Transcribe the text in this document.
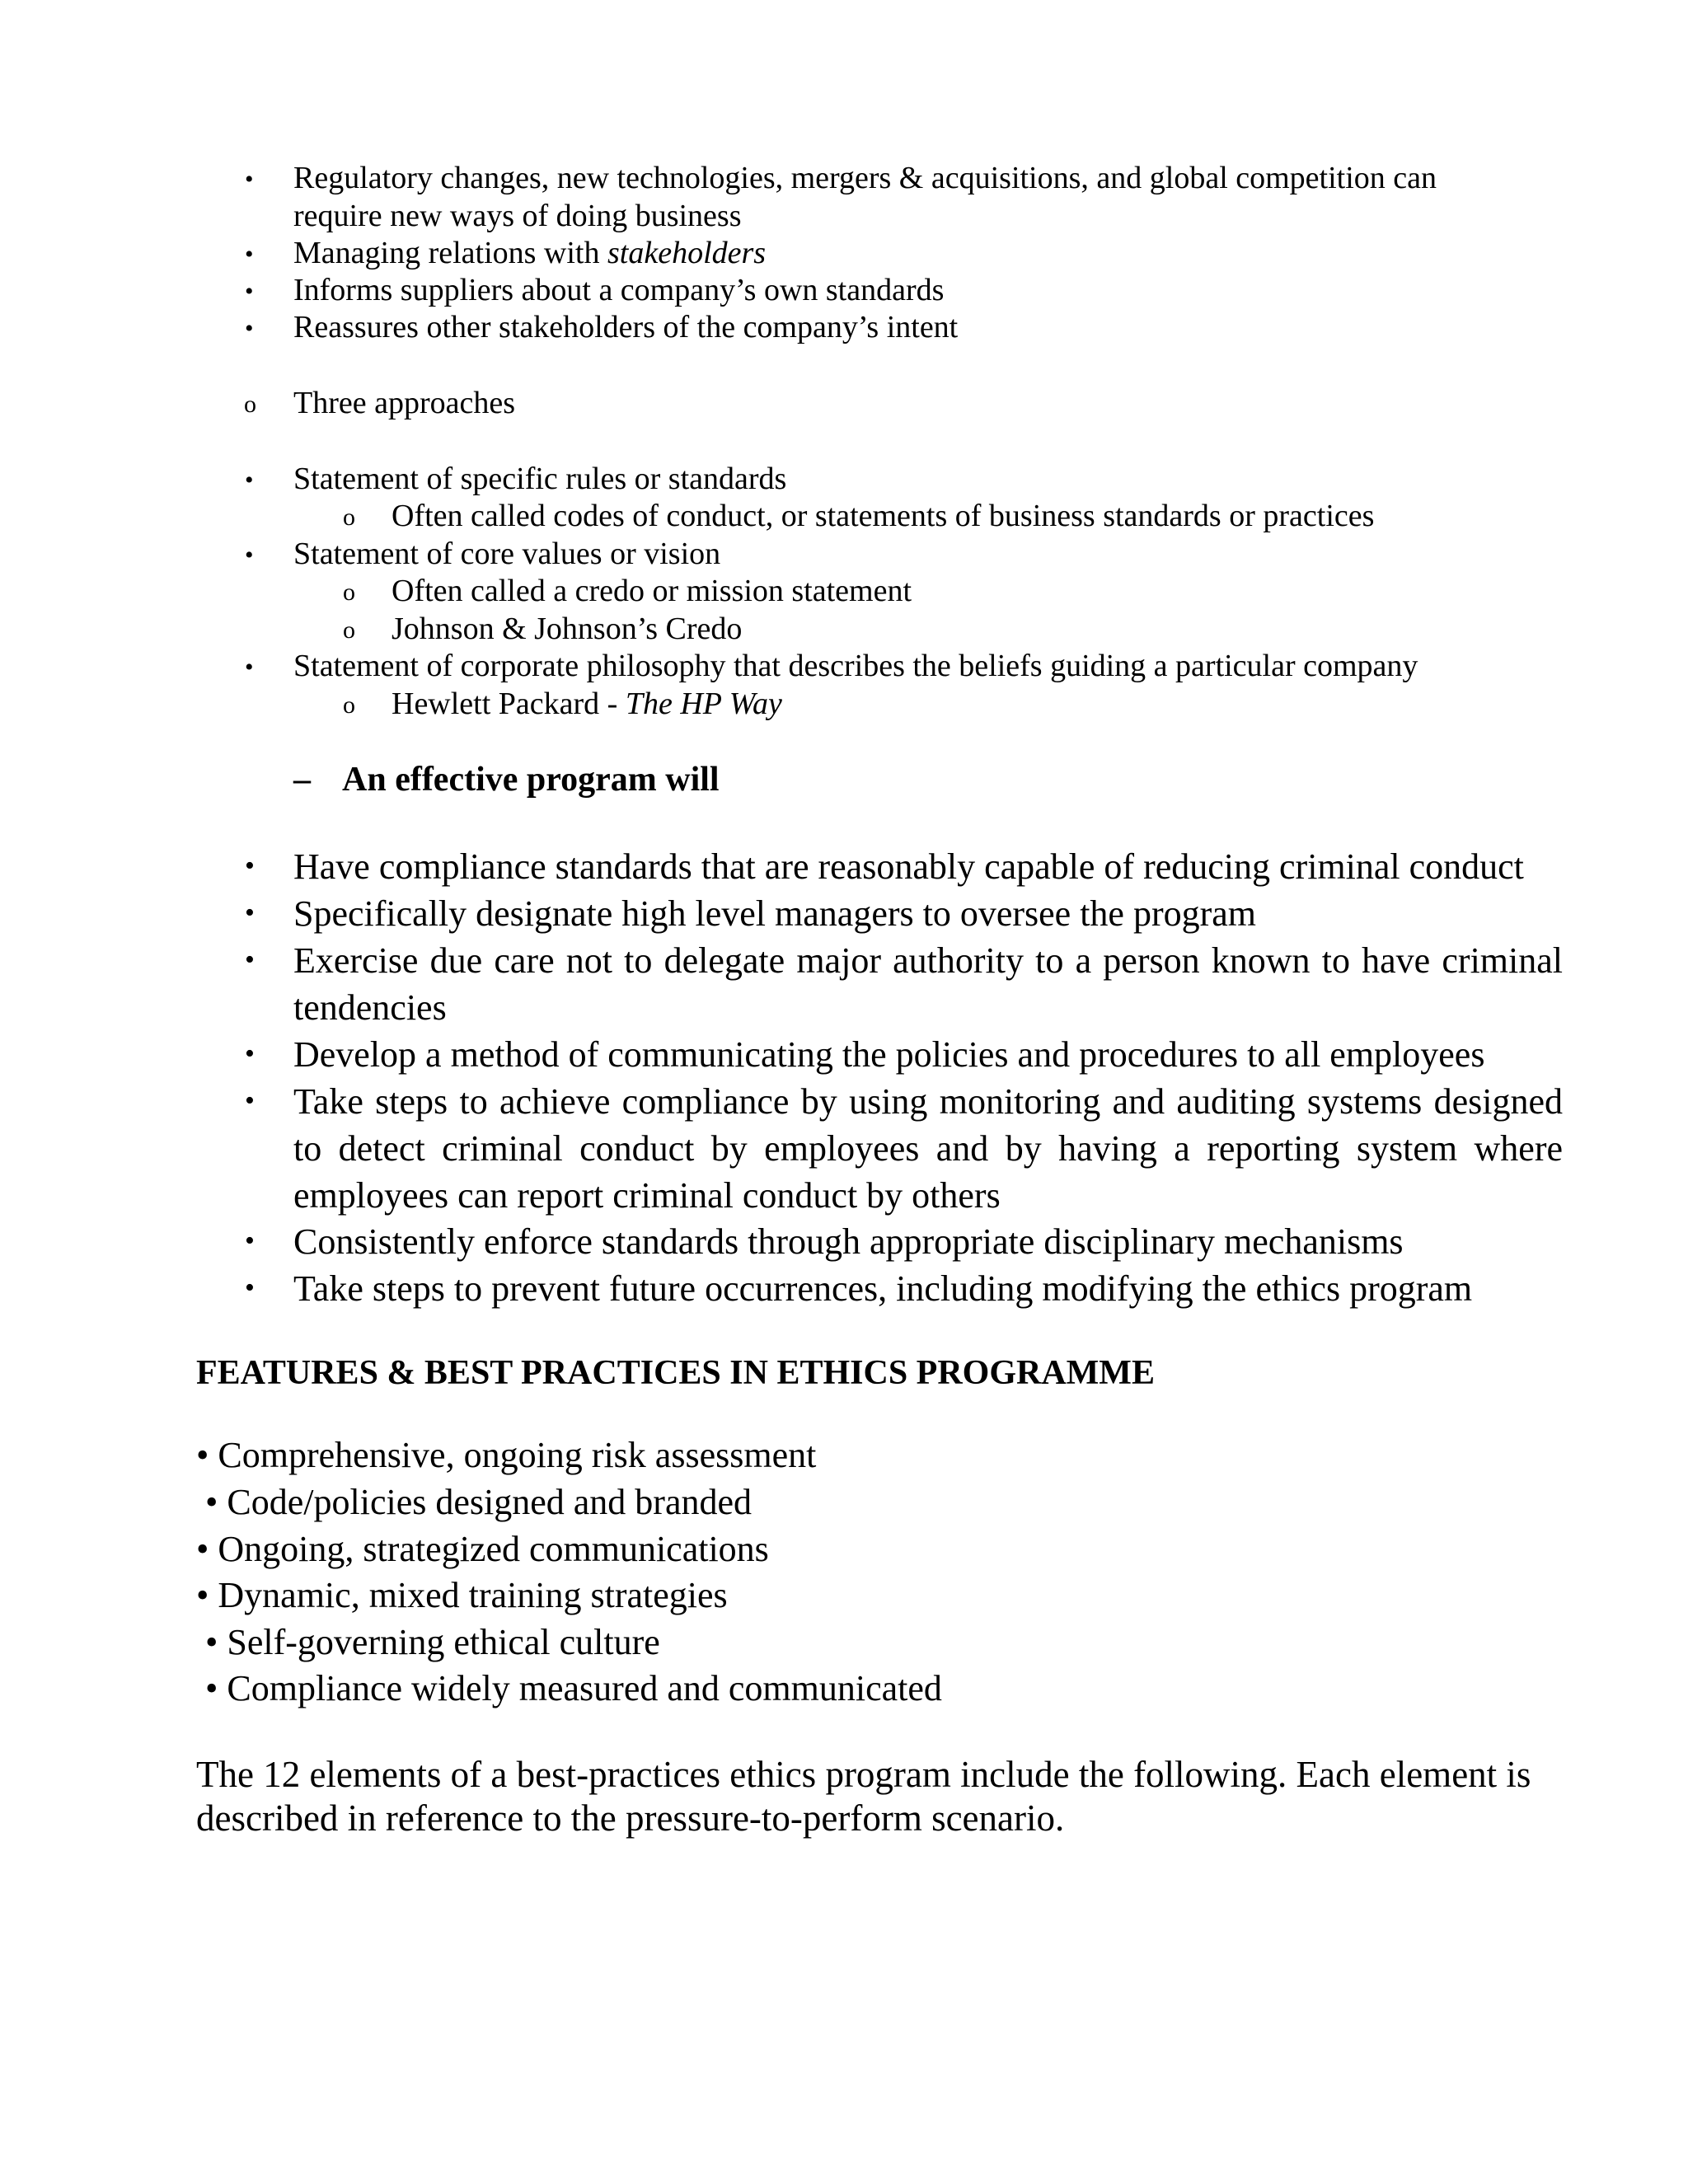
• Regulatory changes, new technologies, mergers & acquisitions, and global competition can
require new ways of doing business
• Managing relations with stakeholders
• Informs suppliers about a company’s own standards
• Reassures other stakeholders of the company’s intent
o Three approaches
• Statement of specific rules or standards
o Often called codes of conduct, or statements of business standards or practices
• Statement of core values or vision
o Often called a credo or mission statement
o Johnson & Johnson’s Credo
• Statement of corporate philosophy that describes the beliefs guiding a particular company
o Hewlett Packard - The HP Way
– An effective program will
• Have compliance standards that are reasonably capable of reducing criminal conduct
• Specifically designate high level managers to oversee the program
• Exercise due care not to delegate major authority to a person known to have criminal tendencies
• Develop a method of communicating the policies and procedures to all employees
• Take steps to achieve compliance by using monitoring and auditing systems designed to detect criminal conduct by employees and by having a reporting system where employees can report criminal conduct by others
• Consistently enforce standards through appropriate disciplinary mechanisms
• Take steps to prevent future occurrences, including modifying the ethics program
FEATURES & BEST PRACTICES IN ETHICS PROGRAMME
• Comprehensive, ongoing risk assessment
• Code/policies designed and branded
• Ongoing, strategized communications
• Dynamic, mixed training strategies
• Self-governing ethical culture
• Compliance widely measured and communicated
The 12 elements of a best-practices ethics program include the following. Each element is
described in reference to the pressure-to-perform scenario.
